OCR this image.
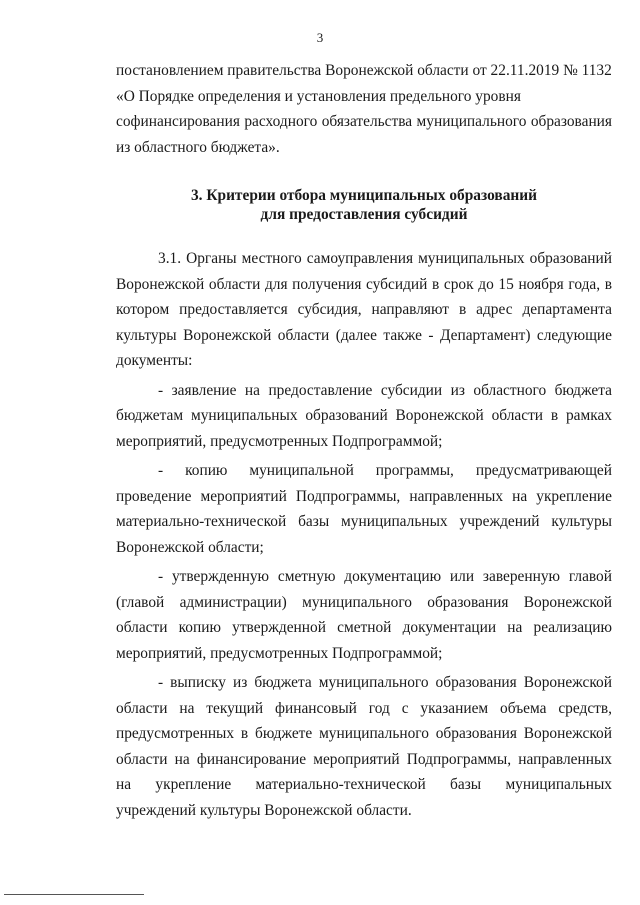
3

постановлением правительства Воронежской области от 22.11.2019 № 1132

«О Порядке определения и установления предельного уровня

софинансирования расходного обязательства муниципального образования из областного бюджета».

3. Критерии отбора муниципальных образований
для предоставления субсидий

3.1. Органы местного самоуправления муниципальных образований Воронежской области для получения субсидий в срок до 15 ноября года, в котором предоставляется субсидия, направляют в адрес департамента культуры Воронежской области (далее также - Департамент) следующие документы:

- заявление на предоставление субсидии из областного бюджета бюджетам муниципальных образований Воронежской области в рамках мероприятий, предусмотренных Подпрограммой;

- копию муниципальной программы, предусматривающей проведение мероприятий Подпрограммы, направленных на укрепление материально-технической базы муниципальных учреждений культуры Воронежской области;

- утвержденную сметную документацию или заверенную главой (главой администрации) муниципального образования Воронежской области копию утвержденной сметной документации на реализацию мероприятий, предусмотренных Подпрограммой;

- выписку из бюджета муниципального образования Воронежской области на текущий финансовый год с указанием объема средств, предусмотренных в бюджете муниципального образования Воронежской области на финансирование мероприятий Подпрограммы, направленных на укрепление материально-технической базы муниципальных учреждений культуры Воронежской области.
